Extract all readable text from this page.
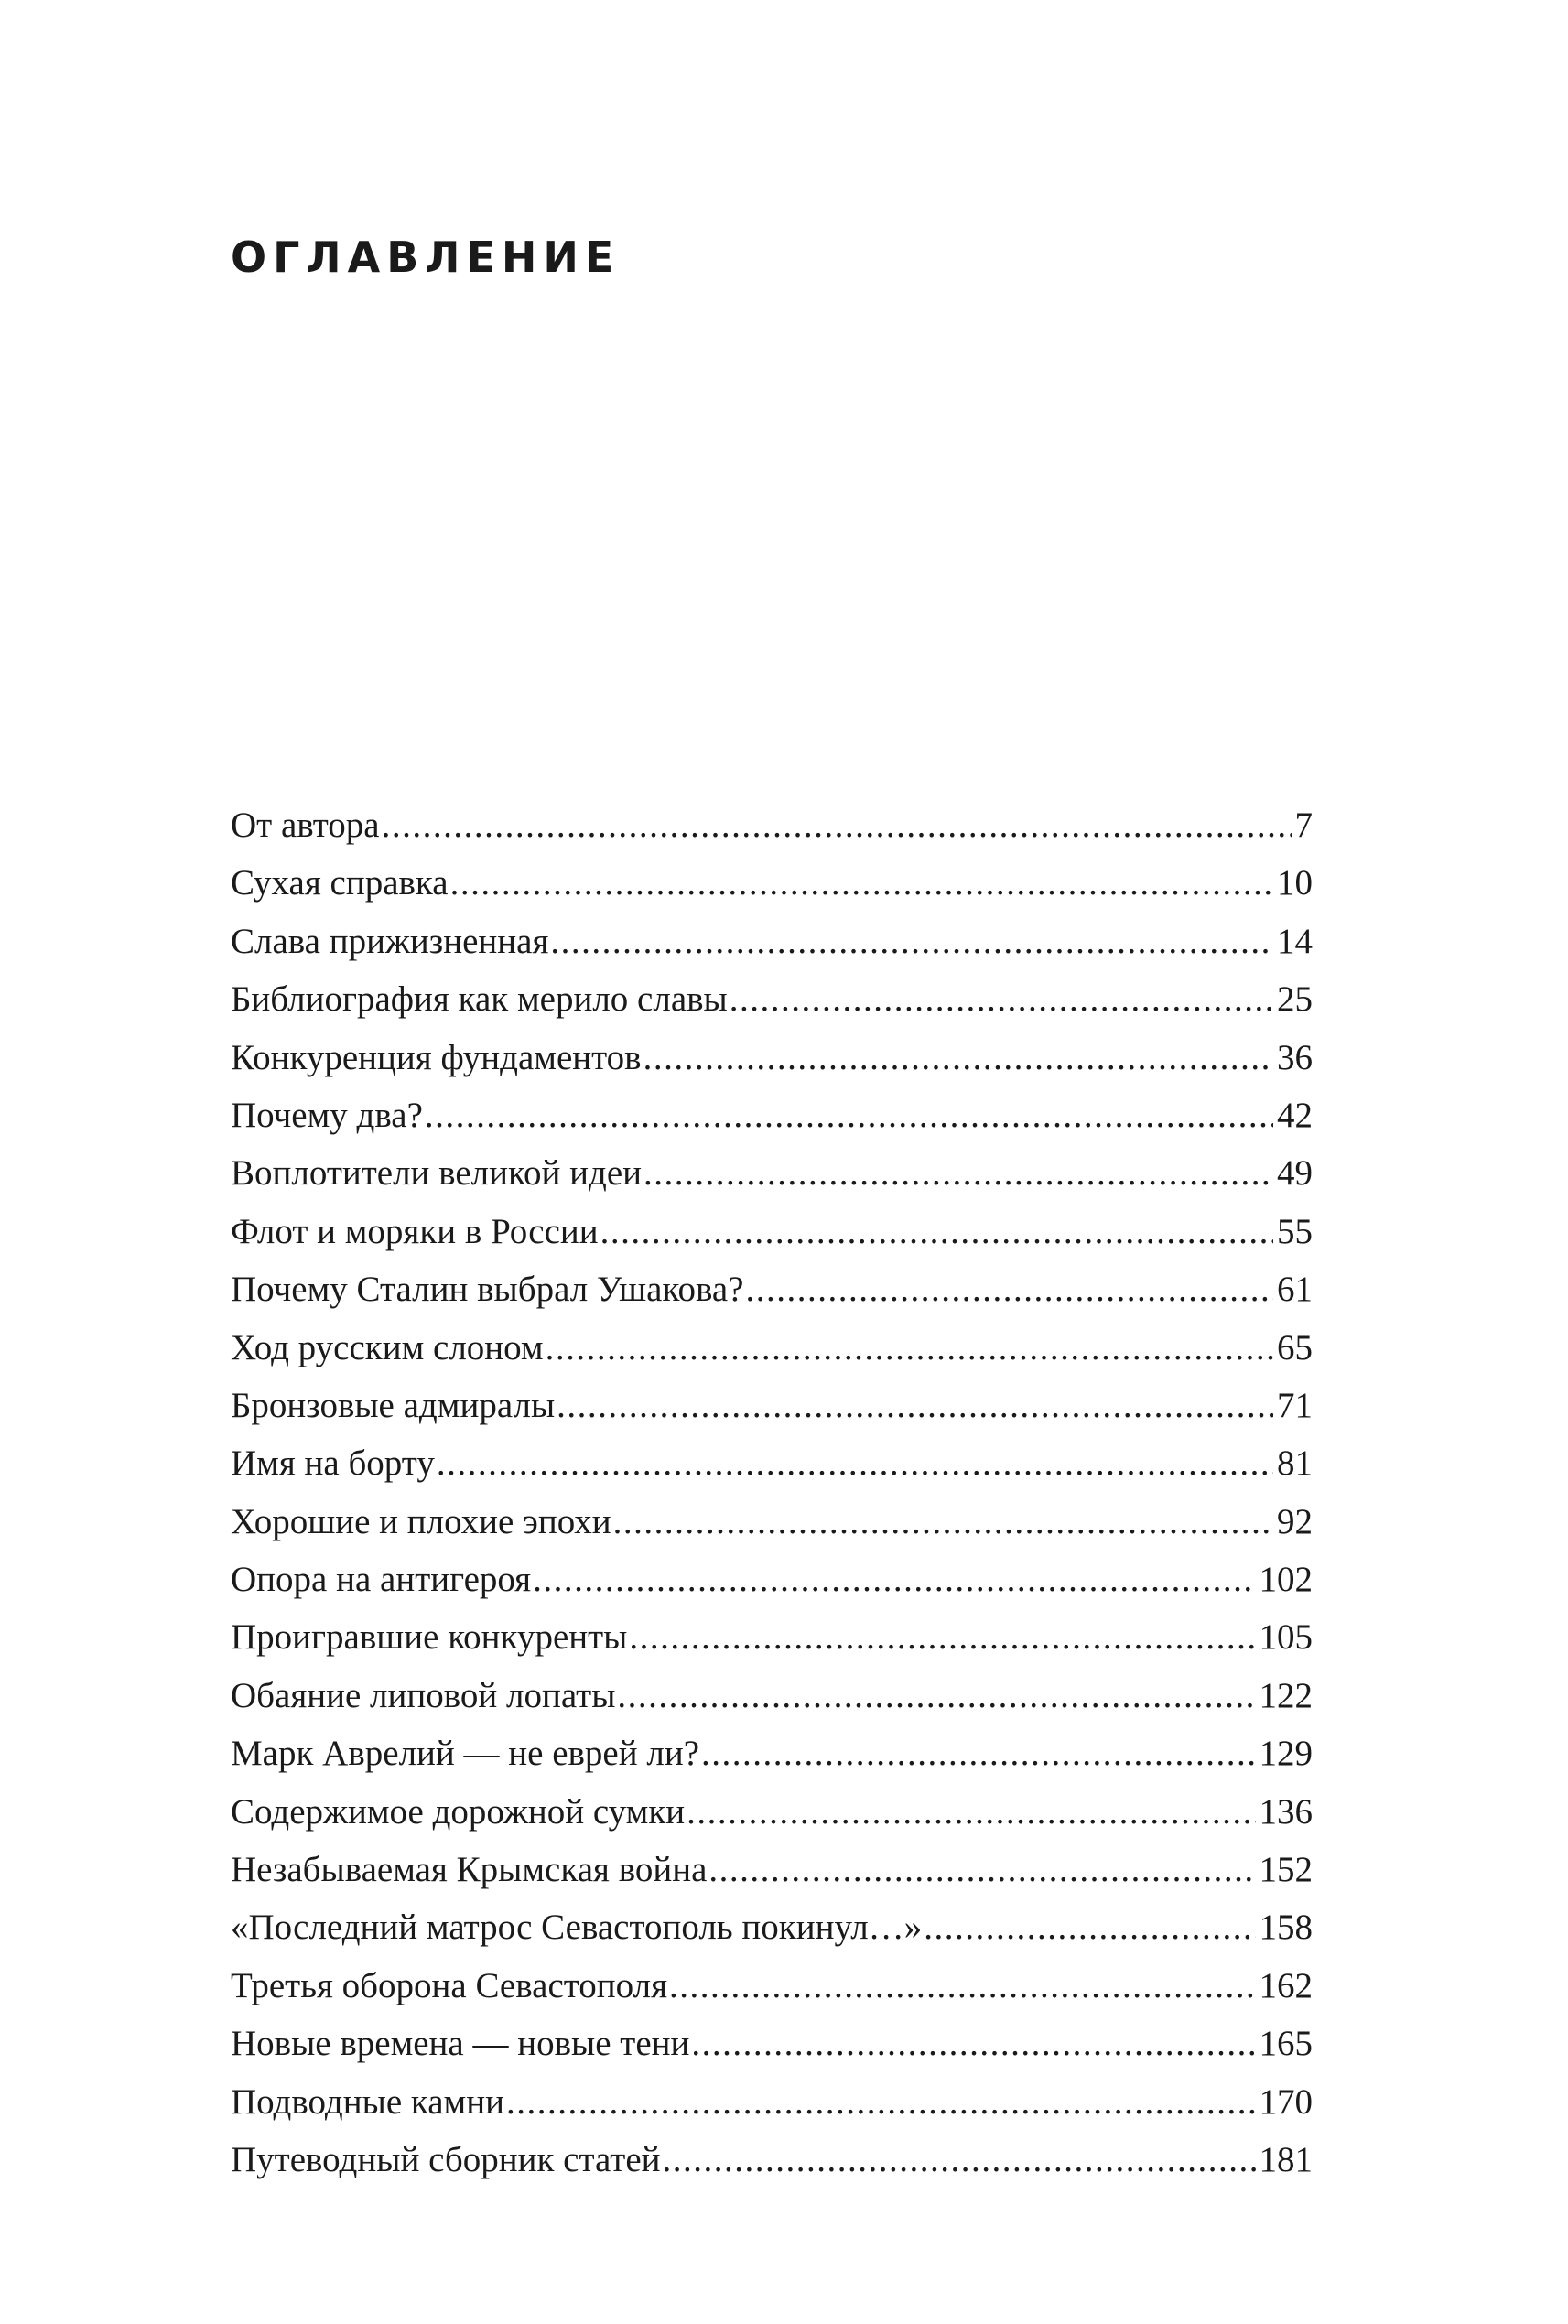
ОГЛАВЛЕНИЕ
От автора .....	7
Сухая справка .....	10
Слава прижизненная .....	14
Библиография как мерило славы .....	25
Конкуренция фундаментов .....	36
Почему два? .....	42
Воплотители великой идеи .....	49
Флот и моряки в России .....	55
Почему Сталин выбрал Ушакова? .....	61
Ход русским слоном .....	65
Бронзовые адмиралы .....	71
Имя на борту .....	81
Хорошие и плохие эпохи .....	92
Опора на антигероя .....	102
Проигравшие конкуренты .....	105
Обаяние липовой лопаты .....	122
Марк Аврелий — не еврей ли? .....	129
Содержимое дорожной сумки .....	136
Незабываемая Крымская война .....	152
«Последний матрос Севастополь покинул…» .....	158
Третья оборона Севастополя .....	162
Новые времена — новые тени .....	165
Подводные камни .....	170
Путеводный сборник статей .....	181
